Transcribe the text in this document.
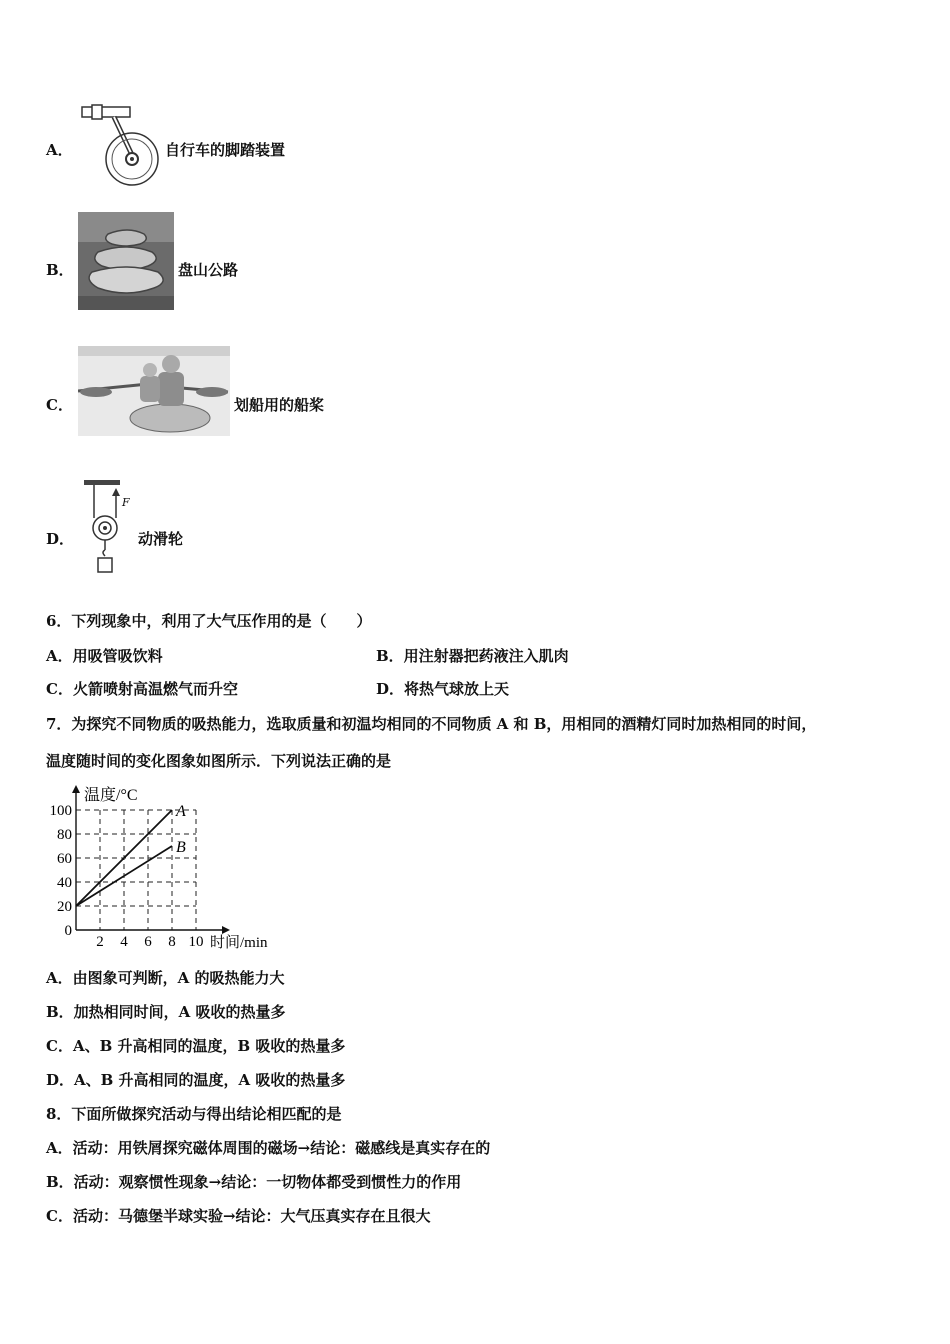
A．	自行车的脚踏装置
B．	盘山公路
C．	划船用的船桨
D．
F
动滑轮
6．下列现象中，利用了大气压作用的是（　　）
A．用吸管吸饮料	B．用注射器把药液注入肌肉
C．火箭喷射高温燃气而升空	D．将热气球放上天
7．为探究不同物质的吸热能力，选取质量和初温均相同的不同物质 A 和 B，用相同的酒精灯同时加热相同的时间，
温度随时间的变化图象如图所示．下列说法正确的是
温度/°C
时间/min
100
80
60
40
20
0
2 4 6 8 10
A
B
A．由图象可判断，A 的吸热能力大
B．加热相同时间，A 吸收的热量多
C．A、B 升高相同的温度，B 吸收的热量多
D．A、B 升高相同的温度，A 吸收的热量多
8．下面所做探究活动与得出结论相匹配的是
A．活动：用铁屑探究磁体周围的磁场→结论：磁感线是真实存在的
B．活动：观察惯性现象→结论：一切物体都受到惯性力的作用
C．活动：马德堡半球实验→结论：大气压真实存在且很大
